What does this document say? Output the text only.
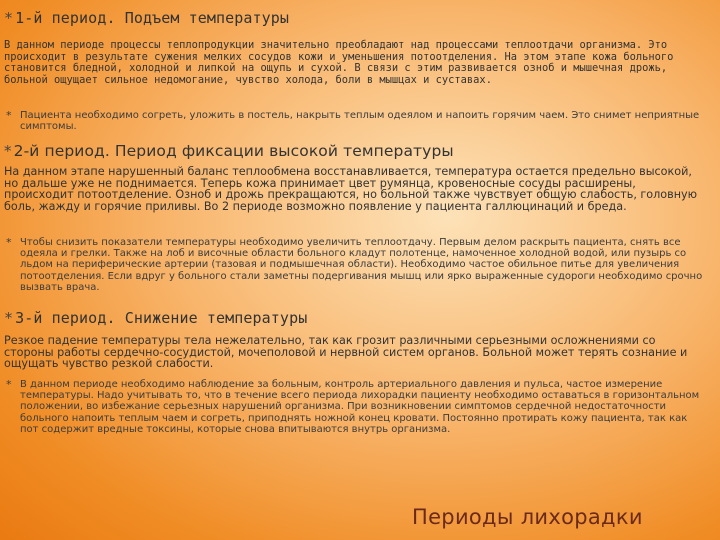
* 1-й период. Подъем температуры

В данном периоде процессы теплопродукции значительно преобладают над процессами теплоотдачи организма. Это происходит в результате сужения мелких сосудов кожи и уменьшения потоотделения. На этом этапе кожа больного становится бледной, холодной и липкой на ощупь и сухой. В связи с этим развивается озноб и мышечная дрожь, больной ощущает сильное недомогание, чувство холода, боли в мышцах и суставах.

* Пациента необходимо согреть, уложить в постель, накрыть теплым одеялом и напоить горячим чаем. Это снимет неприятные симптомы.
* 2-й период. Период фиксации высокой температуры

На данном этапе нарушенный баланс теплообмена восстанавливается, температура остается предельно высокой, но дальше уже не поднимается. Теперь кожа принимает цвет румянца, кровеносные сосуды расширены, происходит потоотделение. Озноб и дрожь прекращаются, но больной также чувствует общую слабость, головную боль, жажду и горячие приливы. Во 2 периоде возможно появление у пациента галлюцинаций и бреда.

* Чтобы снизить показатели температуры необходимо увеличить теплоотдачу. Первым делом раскрыть пациента, снять все одеяла и грелки. Также на лоб и височные области больного кладут полотенце, намоченное холодной водой, или пузырь со льдом на периферические артерии (тазовая и подмышечная области). Необходимо частое обильное питье для увеличения потоотделения. Если вдруг у больного стали заметны подергивания мышц или ярко выраженные судороги необходимо срочно вызвать врача.
* 3-й период. Снижение температуры

Резкое падение температуры тела нежелательно, так как грозит различными серьезными осложнениями со стороны работы сердечно-сосудистой, мочеполовой и нервной систем органов. Больной может терять сознание и ощущать чувство резкой слабости.

* В данном периоде необходимо наблюдение за больным, контроль артериального давления и пульса, частое измерение температуры. Надо учитывать то, что в течение всего периода лихорадки пациенту необходимо оставаться в горизонтальном положении, во избежание серьезных нарушений организма. При возникновении симптомов сердечной недостаточности больного напоить теплым чаем и согреть, приподнять ножной конец кровати. Постоянно протирать кожу пациента, так как пот содержит вредные токсины, которые снова впитываются внутрь организма.
Периоды лихорадки
